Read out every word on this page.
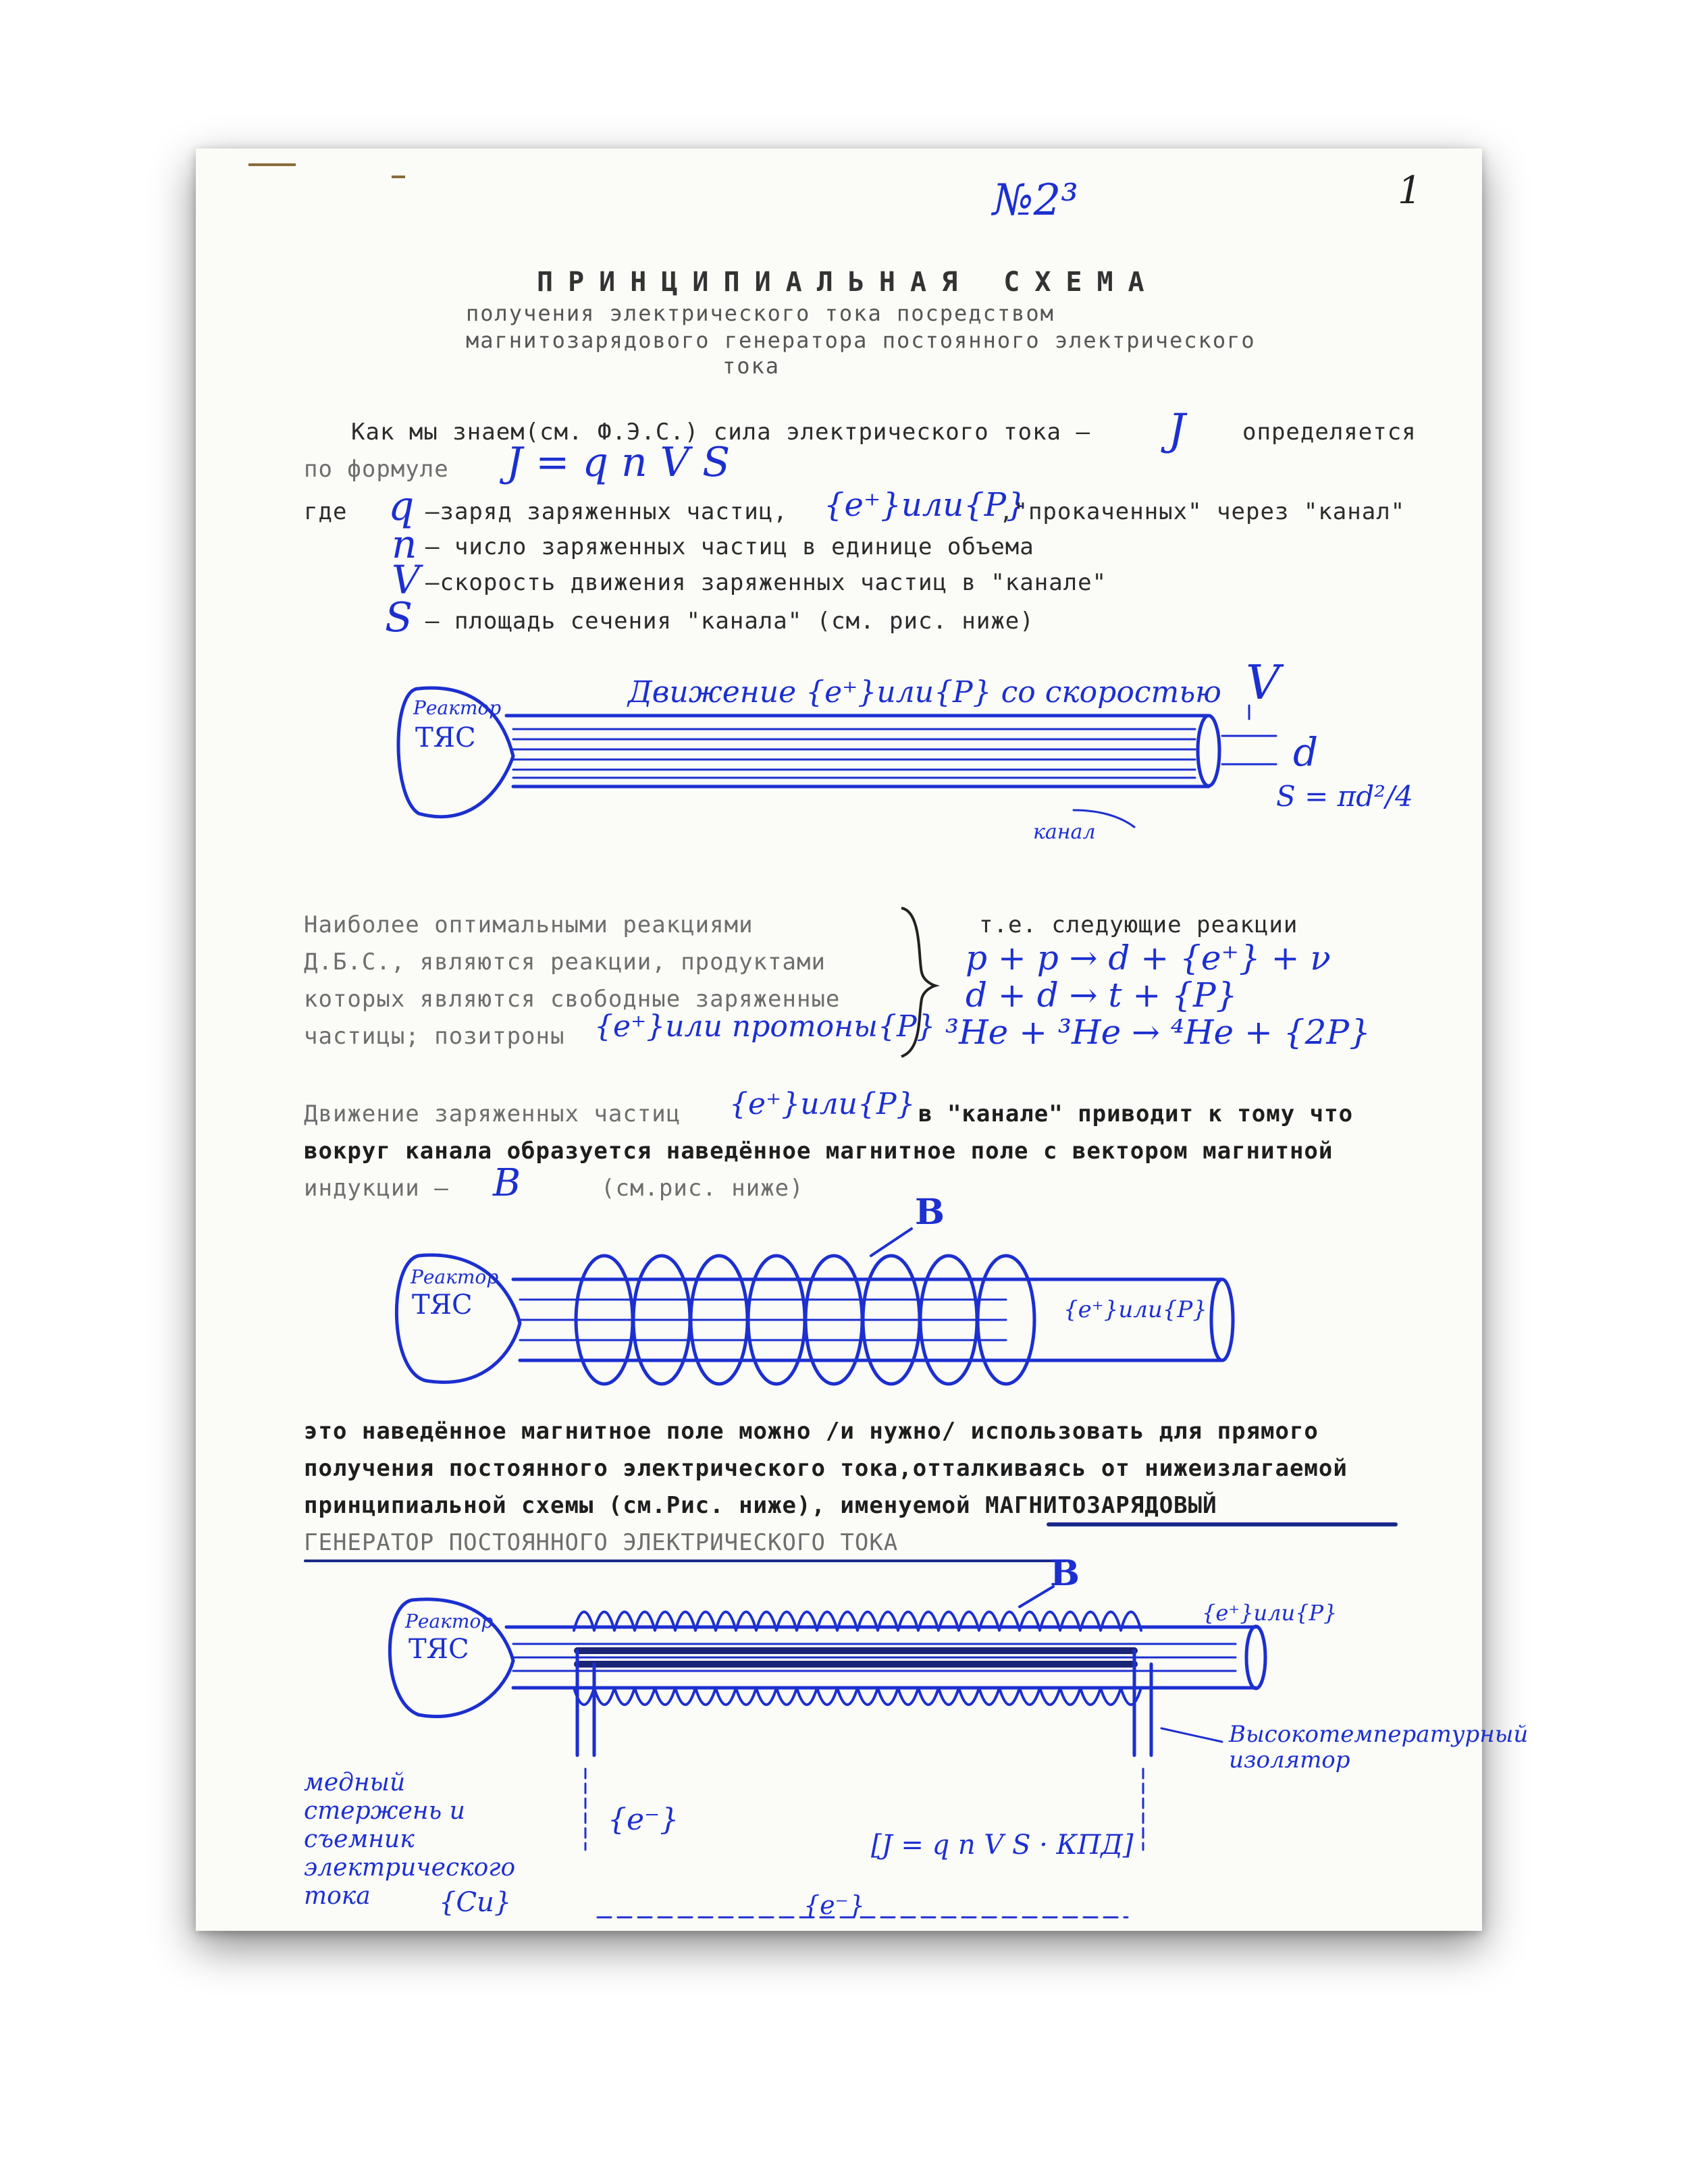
№2³	1
ПРИНЦИПИАЛЬНАЯ СХЕМА
получения электрического тока посредством
магнитозарядового генератора постоянного электрического
тока
Как мы знаем(см. Ф.Э.С.) сила электрического тока – J определяется
по формуле J = q n V S
где q –заряд заряженных частиц, {e⁺}или{P}
,"прокаченных" через "канал"
n – число заряженных частиц в единице объема
V –скорость движения заряженных частиц в "канале"
S – площадь сечения "канала" (см. рис. ниже)
Реактор
ТЯС
Движение {e⁺}или{P} со скоростью V
d
S = πd²/4
канал
Наиболее оптимальными реакциями
Д.Б.С., являются реакции, продуктами
которых являются свободные заряженные
частицы; позитроны {e⁺}или протоны{P}
т.е. следующие реакции
p + p → d + {e⁺} + ν
d + d → t + {P}
³He + ³He → ⁴He + {2P}
Движение заряженных частиц {e⁺}или{P} в "канале" приводит к тому что
вокруг канала образуется наведённое магнитное поле с вектором магнитной
индукции – B	(см.рис. ниже)
B
Реактор
ТЯС	{e⁺}или{P}
это наведённое магнитное поле можно /и нужно/ использовать для прямого
получения постоянного электрического тока,отталкиваясь от нижеизлагаемой
принципиальной схемы (см.Рис. ниже), именуемой МАГНИТОЗАРЯДОВЫЙ
ГЕНЕРАТОР ПОСТОЯННОГО ЭЛЕКТРИЧЕСКОГО ТОКА
B
{e⁺}или{P}
Реактор
ТЯС
Высокотемпературный изолятор
медный стержень и съемник электрического тока	{Cu}
{e⁻}
{e⁻}
[J = q n V S · КПД]
